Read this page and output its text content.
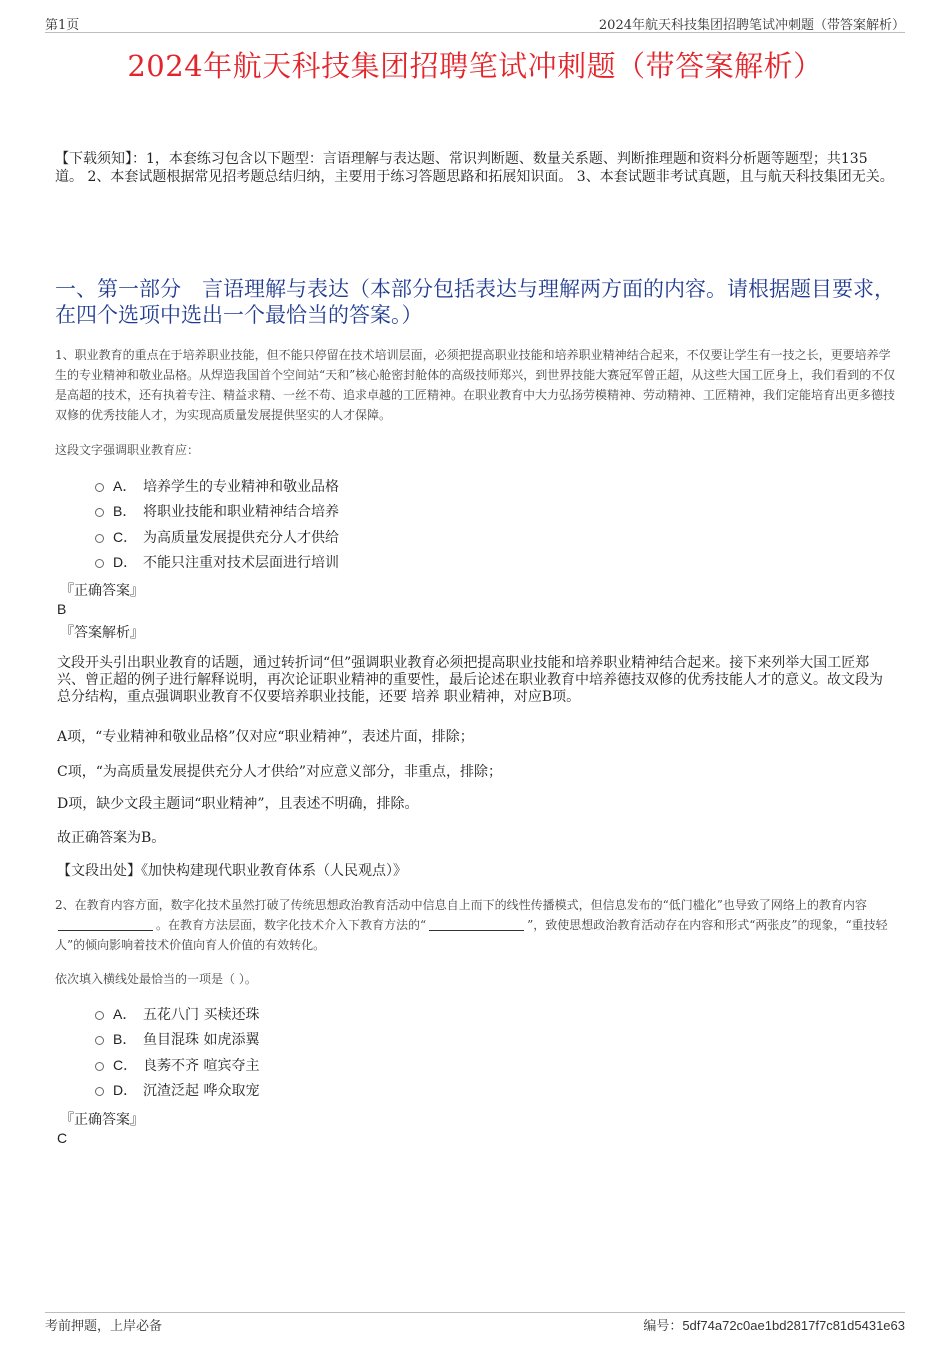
第1页	2024年航天科技集团招聘笔试冲刺题（带答案解析）
2024年航天科技集团招聘笔试冲刺题（带答案解析）
【下载须知】：1，本套练习包含以下题型：言语理解与表达题、常识判断题、数量关系题、判断推理题和资料分析题等题型；共135道。 2、本套试题根据常见招考题总结归纳，主要用于练习答题思路和拓展知识面。 3、本套试题非考试真题，且与航天科技集团无关。
一、第一部分　言语理解与表达（本部分包括表达与理解两方面的内容。请根据题目要求，在四个选项中选出一个最恰当的答案。）
1、职业教育的重点在于培养职业技能，但不能只停留在技术培训层面，必须把提高职业技能和培养职业精神结合起来，不仅要让学生有一技之长，更要培养学生的专业精神和敬业品格。从焊造我国首个空间站“天和”核心舱密封舱体的高级技师郑兴，到世界技能大赛冠军曾正超，从这些大国工匠身上，我们看到的不仅是高超的技术，还有执着专注、精益求精、一丝不苟、追求卓越的工匠精神。在职业教育中大力弘扬劳模精神、劳动精神、工匠精神，我们定能培育出更多德技双修的优秀技能人才，为实现高质量发展提供坚实的人才保障。
这段文字强调职业教育应：
A． 培养学生的专业精神和敬业品格
B． 将职业技能和职业精神结合培养
C． 为高质量发展提供充分人才供给
D． 不能只注重对技术层面进行培训
『正确答案』
B
『答案解析』
文段开头引出职业教育的话题，通过转折词“但”强调职业教育必须把提高职业技能和培养职业精神结合起来。接下来列举大国工匠郑兴、曾正超的例子进行解释说明，再次论证职业精神的重要性，最后论述在职业教育中培养德技双修的优秀技能人才的意义。故文段为总分结构，重点强调职业教育不仅要培养职业技能，还要 培养 职业精神，对应B项。
A项，“专业精神和敬业品格”仅对应“职业精神”，表述片面，排除；
C项，“为高质量发展提供充分人才供给”对应意义部分，非重点，排除；
D项，缺少文段主题词“职业精神”，且表述不明确，排除。
故正确答案为B。
【文段出处】《加快构建现代职业教育体系（人民观点）》
2、在教育内容方面，数字化技术虽然打破了传统思想政治教育活动中信息自上而下的线性传播模式，但信息发布的“低门槛化”也导致了网络上的教育内容。在教育方法层面，数字化技术介入下教育方法的“	”，致使思想政治教育活动存在内容和形式“两张皮”的现象，“重技轻人”的倾向影响着技术价值向育人价值的有效转化。
依次填入横线处最恰当的一项是（ ）。
A． 五花八门 买椟还珠
B． 鱼目混珠 如虎添翼
C． 良莠不齐 喧宾夺主
D． 沉渣泛起 哗众取宠
『正确答案』
C
考前押题，上岸必备	编号：5df74a72c0ae1bd2817f7c81d5431e63
